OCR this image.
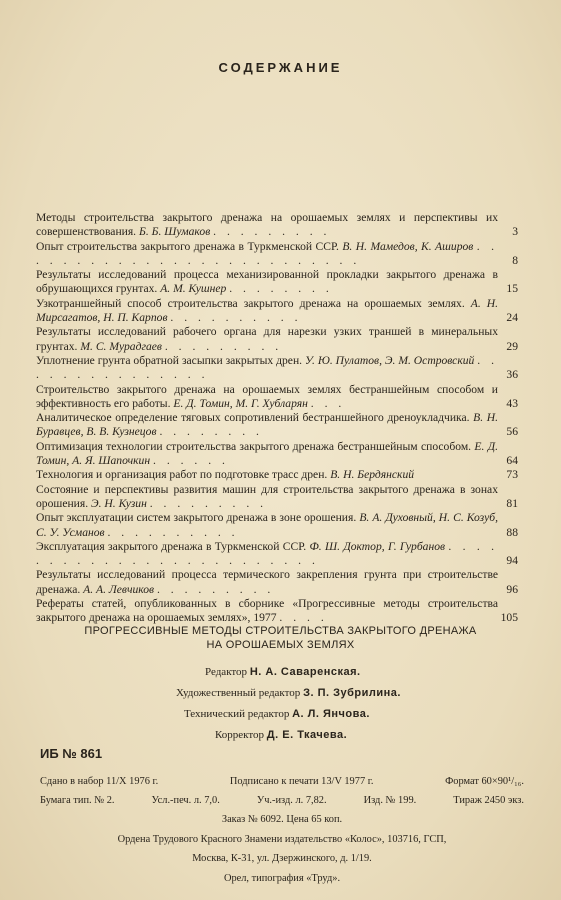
СОДЕРЖАНИЕ

Методы строительства закрытого дренажа на орошаемых землях и перспективы их совершенствования. Б. Б. Шумаков . . . . . . . . .	3

Опыт строительства закрытого дренажа в Туркменской ССР. В. Н. Мамедов, К. Аширов . . . . . . . . . . . . . . . . . . . . . . . . . .	8

Результаты исследований процесса механизированной прокладки закрытого дренажа в обрушающихся грунтах. А. М. Кушнер . . . . . . . .	15

Узкотраншейный способ строительства закрытого дренажа на орошаемых землях. А. Н. Мирсагатов, Н. П. Карпов . . . . . . . . . .	24

Результаты исследований рабочего органа для нарезки узких траншей в минеральных грунтах. М. С. Мурадгаев . . . . . . . . .	29

Уплотнение грунта обратной засыпки закрытых дрен. У. Ю. Пулатов, Э. М. Островский . . . . . . . . . . . . . . .	36

Строительство закрытого дренажа на орошаемых землях бестраншейным способом и эффективность его работы. Е. Д. Томин, М. Г. Хубларян . . .	43

Аналитическое определение тяговых сопротивлений бестраншейного дреноукладчика. В. Н. Буравцев, В. В. Кузнецов . . . . . . . .	56

Оптимизация технологии строительства закрытого дренажа бестраншейным способом. Е. Д. Томин, А. Я. Шапочкин . . . . . .	64

Технология и организация работ по подготовке трасс дрен. В. Н. Бердянский	73

Состояние и перспективы развития машин для строительства закрытого дренажа в зонах орошения. Э. Н. Кузин . . . . . . . . .	81

Опыт эксплуатации систем закрытого дренажа в зоне орошения. В. А. Духовный, Н. С. Козуб, С. У. Усманов . . . . . . . . . .	88

Эксплуатация закрытого дренажа в Туркменской ССР. Ф. Ш. Доктор, Г. Гурбанов . . . . . . . . . . . . . . . . . . . . . . . . .	94

Результаты исследований процесса термического закрепления грунта при строительстве дренажа. А. А. Левчиков . . . . . . . . .	96

Рефераты статей, опубликованных в сборнике «Прогрессивные методы строительства закрытого дренажа на орошаемых землях», 1977 . . . .	105

ПРОГРЕССИВНЫЕ МЕТОДЫ СТРОИТЕЛЬСТВА ЗАКРЫТОГО ДРЕНАЖА
НА ОРОШАЕМЫХ ЗЕМЛЯХ
Редактор Н. А. Саваренская.
Художественный редактор З. П. Зубрилина.
Технический редактор А. Л. Янчова.
Корректор Д. Е. Ткачева.
ИБ № 861
Сдано в набор 11/Х 1976 г.	Подписано к печати 13/V 1977 г.	Формат 60×90¹/₁₆.
Бумага тип. № 2.	Усл.-печ. л. 7,0.	Уч.-изд. л. 7,82.	Изд. № 199.	Тираж 2450 экз.
Заказ № 6092. Цена 65 коп.
Ордена Трудового Красного Знамени издательство «Колос», 103716, ГСП,
Москва, К-31, ул. Дзержинского, д. 1/19.
Орел, типография «Труд».
